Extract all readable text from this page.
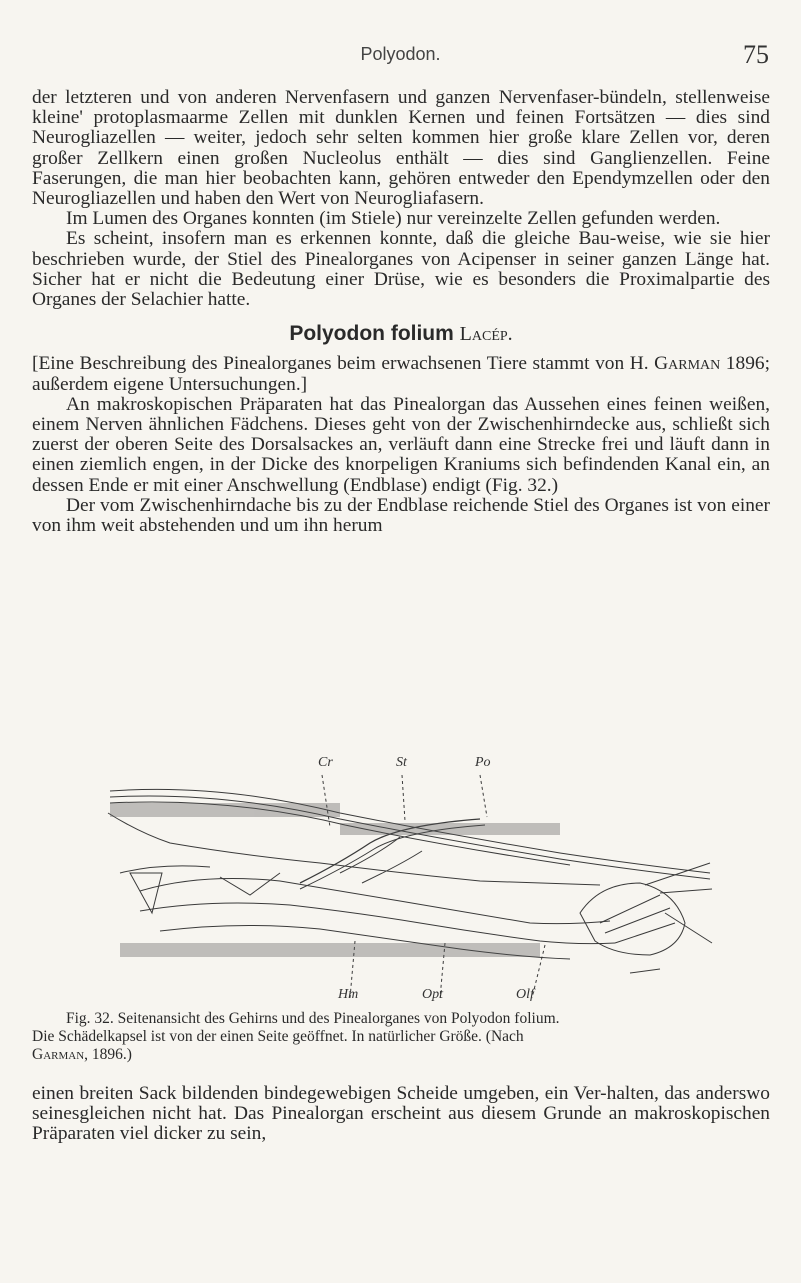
Polyodon.	75

der letzteren und von anderen Nervenfasern und ganzen Nervenfaser-bündeln, stellenweise kleine' protoplasmaarme Zellen mit dunklen Kernen und feinen Fortsätzen — dies sind Neurogliazellen — weiter, jedoch sehr selten kommen hier große klare Zellen vor, deren großer Zellkern einen großen Nucleolus enthält — dies sind Ganglienzellen. Feine Faserungen, die man hier beobachten kann, gehören entweder den Ependymzellen oder den Neurogliazellen und haben den Wert von Neurogliafasern.

Im Lumen des Organes konnten (im Stiele) nur vereinzelte Zellen gefunden werden.

Es scheint, insofern man es erkennen konnte, daß die gleiche Bau-weise, wie sie hier beschrieben wurde, der Stiel des Pinealorganes von Acipenser in seiner ganzen Länge hat. Sicher hat er nicht die Bedeutung einer Drüse, wie es besonders die Proximalpartie des Organes der Selachier hatte.

Polyodon folium Lacép.

[Eine Beschreibung des Pinealorganes beim erwachsenen Tiere stammt von H. Garman 1896; außerdem eigene Untersuchungen.]

An makroskopischen Präparaten hat das Pinealorgan das Aussehen eines feinen weißen, einem Nerven ähnlichen Fädchens. Dieses geht von der Zwischenhirndecke aus, schließt sich zuerst der oberen Seite des Dorsalsackes an, verläuft dann eine Strecke frei und läuft dann in einen ziemlich engen, in der Dicke des knorpeligen Kraniums sich befindenden Kanal ein, an dessen Ende er mit einer Anschwellung (Endblase) endigt (Fig. 32.)

Der vom Zwischenhirndache bis zu der Endblase reichende Stiel des Organes ist von einer von ihm weit abstehenden und um ihn herum

Cr	St	Po
Hm	Opt	Olf

Fig. 32. Seitenansicht des Gehirns und des Pinealorganes von Polyodon folium.

Die Schädelkapsel ist von der einen Seite geöffnet. In natürlicher Größe. (Nach

Garman, 1896.)

einen breiten Sack bildenden bindegewebigen Scheide umgeben, ein Ver-halten, das anderswo seinesgleichen nicht hat. Das Pinealorgan erscheint aus diesem Grunde an makroskopischen Präparaten viel dicker zu sein,
